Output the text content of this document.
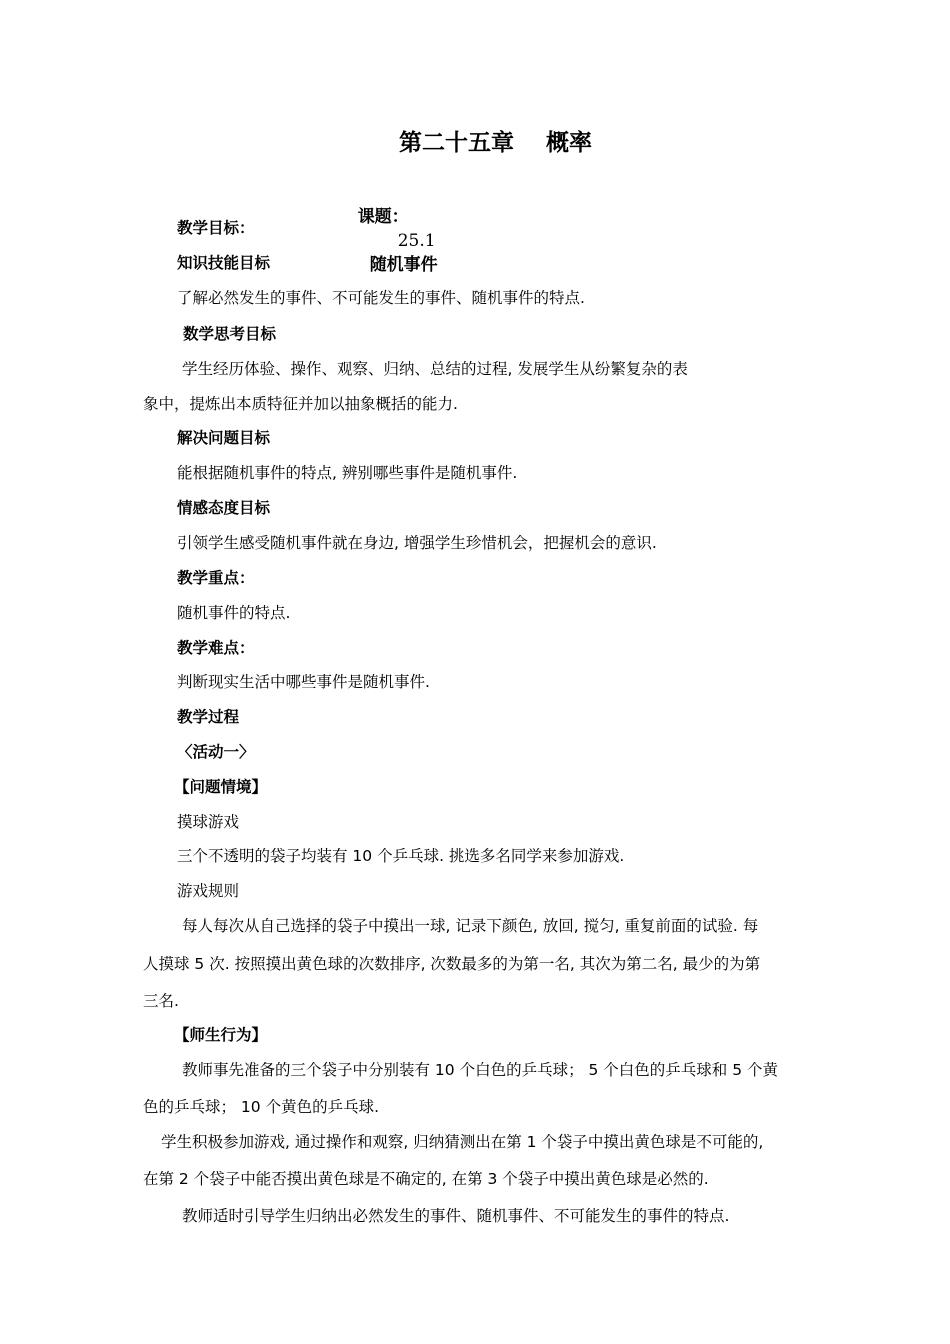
第二十五章    概率

课题：
25.1
随机事件

教学目标：
知识技能目标
了解必然发生的事件、不可能发生的事件、随机事件的特点.
数学思考目标
学生经历体验、操作、观察、归纳、总结的过程, 发展学生从纷繁复杂的表
象中，提炼出本质特征并加以抽象概括的能力.
解决问题目标
能根据随机事件的特点, 辨别哪些事件是随机事件.
情感态度目标
引领学生感受随机事件就在身边, 增强学生珍惜机会，把握机会的意识.
教学重点：
随机事件的特点.
教学难点：
判断现实生活中哪些事件是随机事件.
教学过程
〈活动一〉
【问题情境】
摸球游戏
三个不透明的袋子均装有 10 个乒乓球. 挑选多名同学来参加游戏.
游戏规则
每人每次从自己选择的袋子中摸出一球, 记录下颜色, 放回, 搅匀, 重复前面的试验. 每
人摸球 5 次. 按照摸出黄色球的次数排序, 次数最多的为第一名, 其次为第二名, 最少的为第
三名.
【师生行为】
教师事先准备的三个袋子中分别装有 10 个白色的乒乓球； 5 个白色的乒乓球和 5 个黄
色的乒乓球； 10 个黄色的乒乓球.
学生积极参加游戏, 通过操作和观察, 归纳猜测出在第 1 个袋子中摸出黄色球是不可能的,
在第 2 个袋子中能否摸出黄色球是不确定的, 在第 3 个袋子中摸出黄色球是必然的.
教师适时引导学生归纳出必然发生的事件、随机事件、不可能发生的事件的特点.
